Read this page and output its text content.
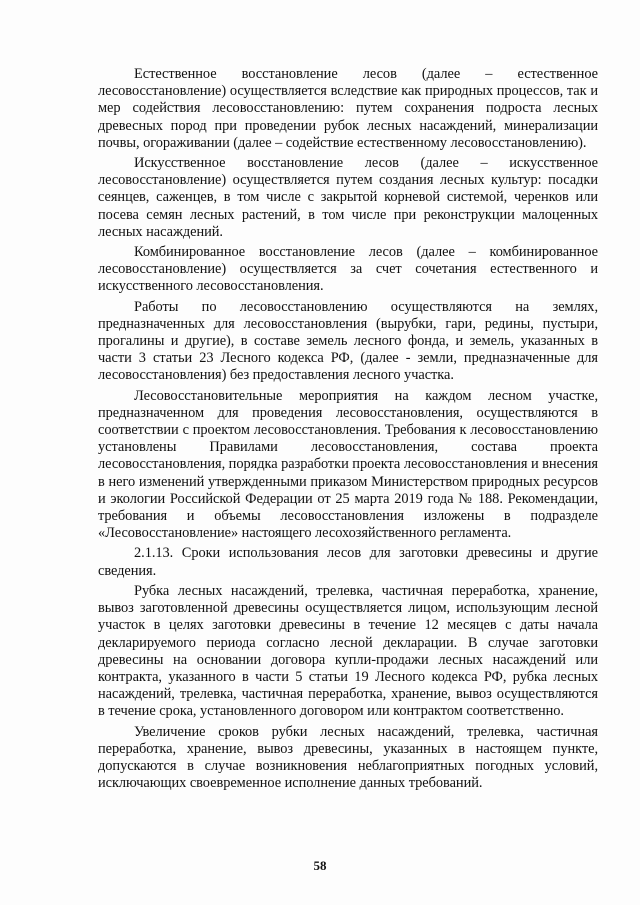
Естественное восстановление лесов (далее – естественное лесовосстановление) осуществляется вследствие как природных процессов, так и мер содействия лесовосстановлению: путем сохранения подроста лесных древесных пород при проведении рубок лесных насаждений, минерализации почвы, огораживании (далее – содействие естественному лесовосстановлению).

Искусственное восстановление лесов (далее – искусственное лесовосстановление) осуществляется путем создания лесных культур: посадки сеянцев, саженцев, в том числе с закрытой корневой системой, черенков или посева семян лесных растений, в том числе при реконструкции малоценных лесных насаждений.

Комбинированное восстановление лесов (далее – комбинированное лесовосстановление) осуществляется за счет сочетания естественного и искусственного лесовосстановления.

Работы по лесовосстановлению осуществляются на землях, предназначенных для лесовосстановления (вырубки, гари, редины, пустыри, прогалины и другие), в составе земель лесного фонда, и земель, указанных в части 3 статьи 23 Лесного кодекса РФ, (далее - земли, предназначенные для лесовосстановления) без предоставления лесного участка.

Лесовосстановительные мероприятия на каждом лесном участке, предназначенном для проведения лесовосстановления, осуществляются в соответствии с проектом лесовосстановления. Требования к лесовосстановлению установлены Правилами лесовосстановления, состава проекта лесовосстановления, порядка разработки проекта лесовосстановления и внесения в него изменений утвержденными приказом Министерством природных ресурсов и экологии Российской Федерации от 25 марта 2019 года № 188. Рекомендации, требования и объемы лесовосстановления изложены в подразделе «Лесовосстановление» настоящего лесохозяйственного регламента.

2.1.13. Сроки использования лесов для заготовки древесины и другие сведения.

Рубка лесных насаждений, трелевка, частичная переработка, хранение, вывоз заготовленной древесины осуществляется лицом, использующим лесной участок в целях заготовки древесины в течение 12 месяцев с даты начала декларируемого периода согласно лесной декларации. В случае заготовки древесины на основании договора купли-продажи лесных насаждений или контракта, указанного в части 5 статьи 19 Лесного кодекса РФ, рубка лесных насаждений, трелевка, частичная переработка, хранение, вывоз осуществляются в течение срока, установленного договором или контрактом соответственно.

Увеличение сроков рубки лесных насаждений, трелевка, частичная переработка, хранение, вывоз древесины, указанных в настоящем пункте, допускаются в случае возникновения неблагоприятных погодных условий, исключающих своевременное исполнение данных требований.

58
